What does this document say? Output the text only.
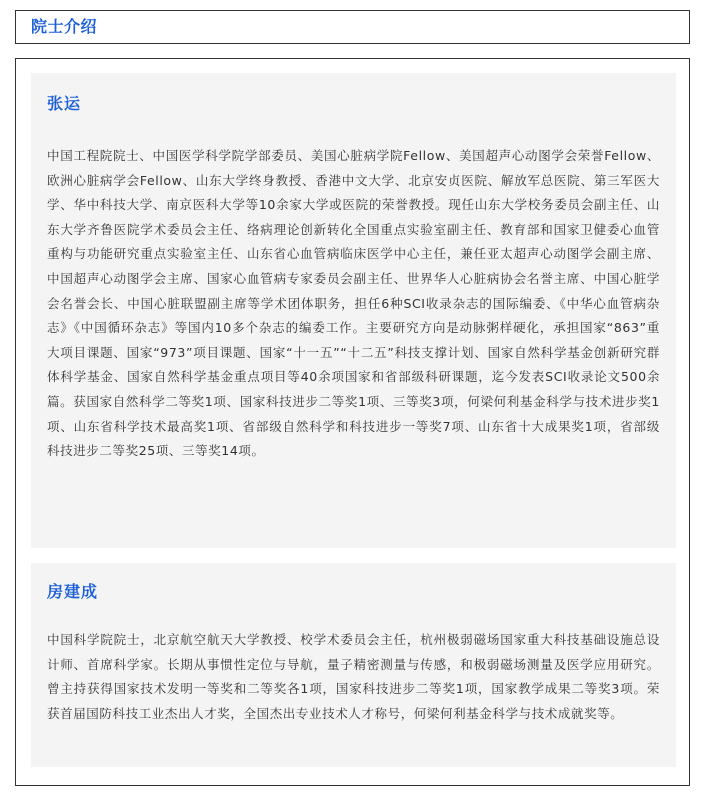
院士介绍
张运
中国工程院院士、中国医学科学院学部委员、美国心脏病学院Fellow、美国超声心动图学会荣誉Fellow、欧洲心脏病学会Fellow、山东大学终身教授、香港中文大学、北京安贞医院、解放军总医院、第三军医大学、华中科技大学、南京医科大学等10余家大学或医院的荣誉教授。现任山东大学校务委员会副主任、山东大学齐鲁医院学术委员会主任、络病理论创新转化全国重点实验室副主任、教育部和国家卫健委心血管重构与功能研究重点实验室主任、山东省心血管病临床医学中心主任，兼任亚太超声心动图学会副主席、中国超声心动图学会主席、国家心血管病专家委员会副主任、世界华人心脏病协会名誉主席、中国心脏学会名誉会长、中国心脏联盟副主席等学术团体职务，担任6种SCI收录杂志的国际编委、《中华心血管病杂志》《中国循环杂志》等国内10多个杂志的编委工作。主要研究方向是动脉粥样硬化，承担国家“863”重大项目课题、国家“973”项目课题、国家“十一五”“十二五”科技支撑计划、国家自然科学基金创新研究群体科学基金、国家自然科学基金重点项目等40余项国家和省部级科研课题，迄今发表SCI收录论文500余篇。获国家自然科学二等奖1项、国家科技进步二等奖1项、三等奖3项，何梁何利基金科学与技术进步奖1项、山东省科学技术最高奖1项、省部级自然科学和科技进步一等奖7项、山东省十大成果奖1项，省部级科技进步二等奖25项、三等奖14项。
房建成
中国科学院院士，北京航空航天大学教授、校学术委员会主任，杭州极弱磁场国家重大科技基础设施总设计师、首席科学家。长期从事惯性定位与导航，量子精密测量与传感，和极弱磁场测量及医学应用研究。曾主持获得国家技术发明一等奖和二等奖各1项，国家科技进步二等奖1项，国家教学成果二等奖3项。荣获首届国防科技工业杰出人才奖，全国杰出专业技术人才称号，何梁何利基金科学与技术成就奖等。
